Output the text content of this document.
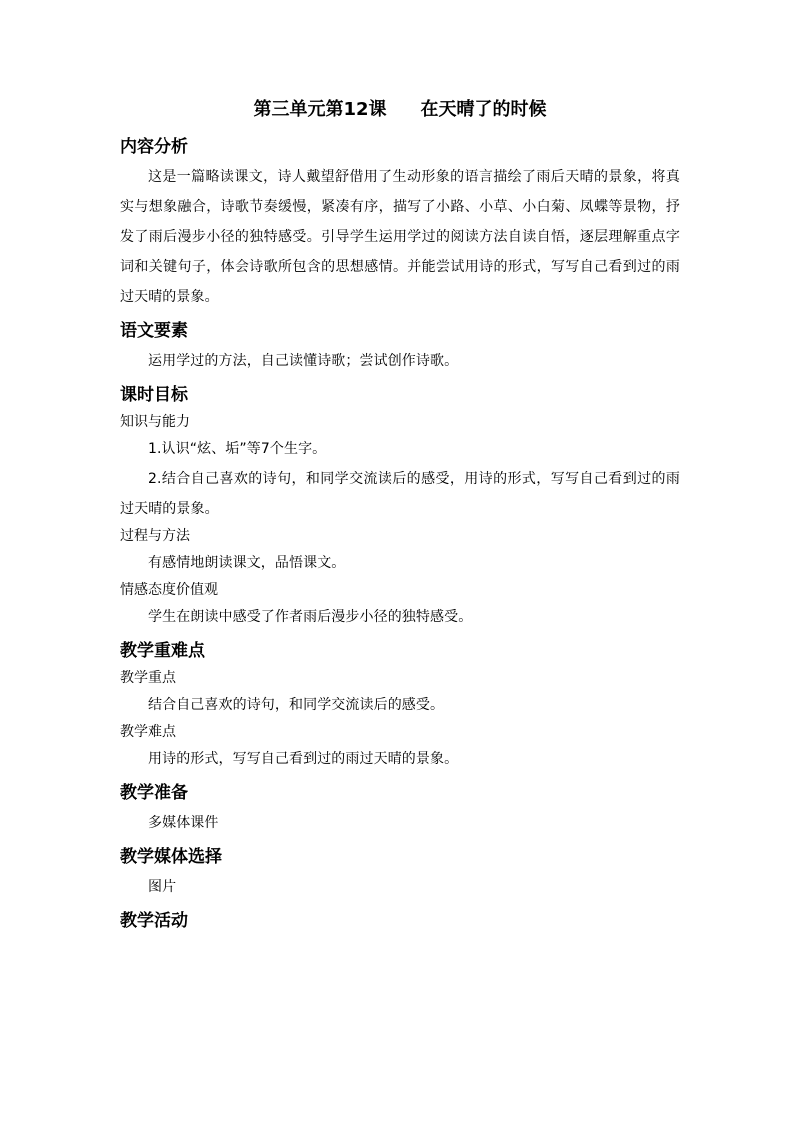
第三单元第12课 在天晴了的时候
内容分析

这是一篇略读课文，诗人戴望舒借用了生动形象的语言描绘了雨后天晴的景象，将真实与想象融合，诗歌节奏缓慢，紧凑有序，描写了小路、小草、小白菊、凤蝶等景物，抒发了雨后漫步小径的独特感受。引导学生运用学过的阅读方法自读自悟，逐层理解重点字词和关键句子，体会诗歌所包含的思想感情。并能尝试用诗的形式，写写自己看到过的雨过天晴的景象。

语文要素

运用学过的方法，自己读懂诗歌；尝试创作诗歌。

课时目标
知识与能力

1.认识“炫、垢”等7个生字。

2.结合自己喜欢的诗句，和同学交流读后的感受，用诗的形式，写写自己看到过的雨过天晴的景象。

过程与方法

有感情地朗读课文，品悟课文。

情感态度价值观

学生在朗读中感受了作者雨后漫步小径的独特感受。

教学重难点
教学重点

结合自己喜欢的诗句，和同学交流读后的感受。

教学难点

用诗的形式，写写自己看到过的雨过天晴的景象。

教学准备

多媒体课件

教学媒体选择

图片

教学活动
